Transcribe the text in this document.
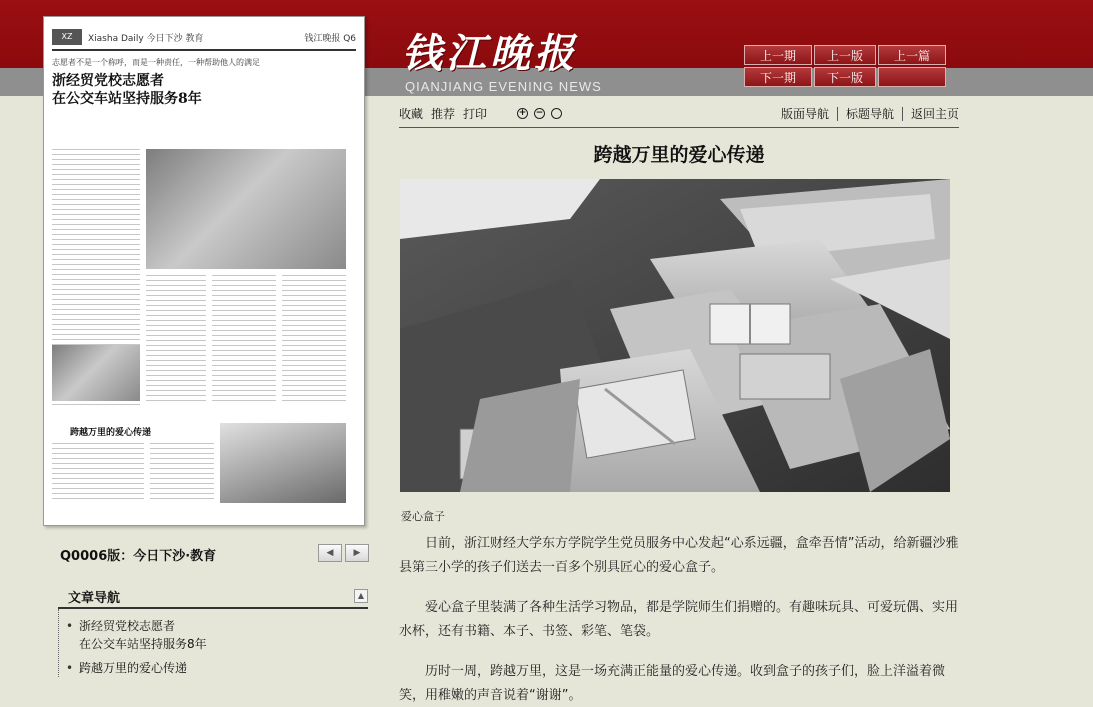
钱江晚报
QIANJIANG EVENING NEWS
上一期	上一版	上一篇
下一期	下一版
XZ	Xiasha Daily 今日下沙 教育	钱江晚报 Q6
志愿者不是一个称呼，而是一种责任，一种帮助他人的满足
浙经贸党校志愿者
在公交车站坚持服务8年
跨越万里的爱心传递
Q0006版：今日下沙·教育	◀	▶
文章导航	▲
• 浙经贸党校志愿者
在公交车站坚持服务8年
• 跨越万里的爱心传递
收藏 推荐 打印	+ −	版面导航 标题导航 返回主页
跨越万里的爱心传递
爱心盒子
日前，浙江财经大学东方学院学生党员服务中心发起“心系远疆，盒牵吾情”活动，给新疆沙雅县第三小学的孩子们送去一百多个别具匠心的爱心盒子。
爱心盒子里装满了各种生活学习物品，都是学院师生们捐赠的。有趣味玩具、可爱玩偶、实用水杯，还有书籍、本子、书签、彩笔、笔袋。
历时一周，跨越万里，这是一场充满正能量的爱心传递。收到盒子的孩子们，脸上洋溢着微笑，用稚嫩的声音说着“谢谢”。
